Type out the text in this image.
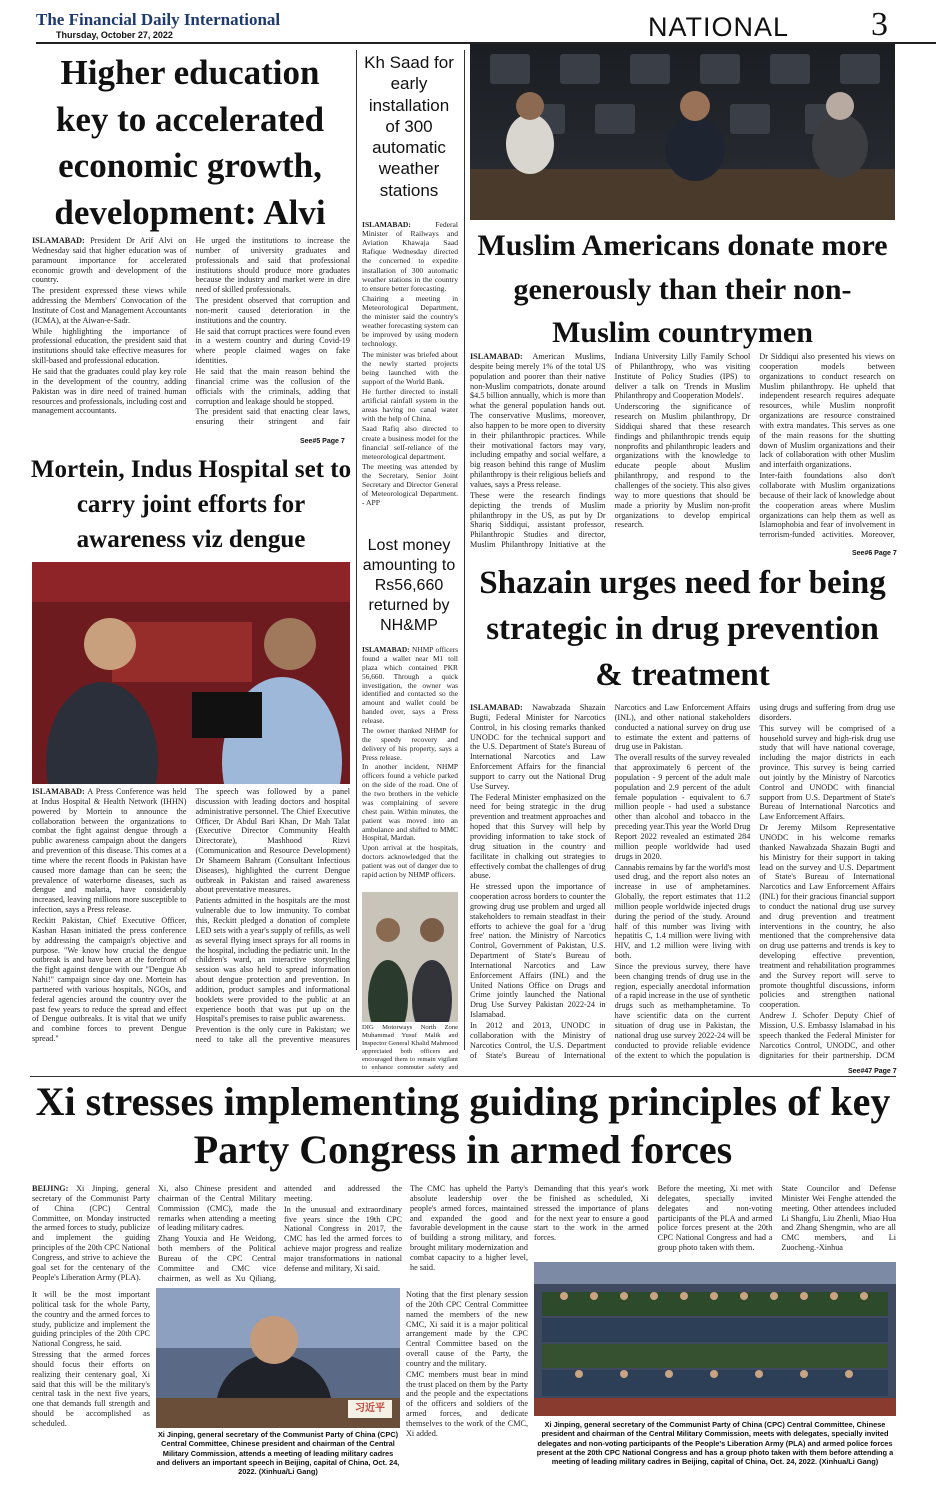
The Financial Daily International
Thursday, October 27, 2022	NATIONAL 3
Higher education key to accelerated economic growth, development: Alvi

ISLAMABAD: President Dr Arif Alvi on Wednesday said that higher education was of paramount importance for accelerated economic growth and development of the country.

The president expressed these views while addressing the Members' Convocation of the Institute of Cost and Management Accountants (ICMA), at the Aiwan-e-Sadr.

While highlighting the importance of professional education, the president said that institutions should take effective measures for skill-based and professional education.

He said that the graduates could play key role in the development of the country, adding Pakistan was in dire need of trained human resources and professionals, including cost and management accountants.

He urged the institutions to increase the number of university graduates and professionals and said that professional institutions should produce more graduates because the industry and market were in dire need of skilled professionals.

The president observed that corruption and non-merit caused deterioration in the institutions and the country.

He said that corrupt practices were found even in a western country and during Covid-19 where people claimed wages on fake identities.

He said that the main reason behind the financial crime was the collusion of the officials with the criminals, adding that corruption and leakage should be stopped.

The president said that enacting clear laws, ensuring their stringent and fair

See#5 Page 7
Kh Saad for early installation of 300 automatic weather stations

ISLAMABAD: Federal Minister of Railways and Aviation Khawaja Saad Rafique Wednesday directed the concerned to expedite installation of 300 automatic weather stations in the country to ensure better forecasting.

Chairing a meeting in Meteorological Department, the minister said the country's weather forecasting system can be improved by using modern technology.

The minister was briefed about the newly started projects being launched with the support of the World Bank.

He further directed to install artificial rainfall system in the areas having no canal water with the help of China.

Saad Rafiq also directed to create a business model for the financial self-reliance of the meteorological department.

The meeting was attended by the Secretary, Senior Joint Secretary and Director General of Meteorological Department. - APP

Muslim Americans donate more generously than their non-Muslim countrymen

ISLAMABAD: American Muslims, despite being merely 1% of the total US population and poorer than their native non-Muslim compatriots, donate around $4.5 billion annually, which is more than what the general population hands out. The conservative Muslims, moreover, also happen to be more open to diversity in their philanthropic practices. While their motivational factors may vary, including empathy and social welfare, a big reason behind this range of Muslim philanthropy is their religious beliefs and values, says a Press release.

These were the research findings depicting the trends of Muslim philanthropy in the US, as put by Dr Shariq Siddiqui, assistant professor, Philanthropic Studies and director, Muslim Philanthropy Initiative at the Indiana University Lilly Family School of Philanthropy, who was visiting Institute of Policy Studies (IPS) to deliver a talk on 'Trends in Muslim Philanthropy and Cooperation Models'.

Underscoring the significance of research on Muslim philanthropy, Dr Siddiqui shared that these research findings and philanthropic trends equip nonprofits and philanthropic leaders and organizations with the knowledge to educate people about Muslim philanthropy, and respond to the challenges of the society. This also gives way to more questions that should be made a priority by Muslim non-profit organizations to develop empirical research.

Dr Siddiqui also presented his views on cooperation models between organizations to conduct research on Muslim philanthropy. He upheld that independent research requires adequate resources, while Muslim nonprofit organizations are resource constrained with extra mandates. This serves as one of the main reasons for the shutting down of Muslim organizations and their lack of collaboration with other Muslim and interfaith organizations.

Inter-faith foundations also don't collaborate with Muslim organizations because of their lack of knowledge about the cooperation areas where Muslim organizations can help them as well as Islamophobia and fear of involvement in terrorism-funded activities. Moreover,

See#6 Page 7
Mortein, Indus Hospital set to carry joint efforts for awareness viz dengue

ISLAMABAD: A Press Conference was held at Indus Hospital & Health Network (IHHN) powered by Mortein to announce the collaboration between the organizations to combat the fight against dengue through a public awareness campaign about the dangers and prevention of this disease. This comes at a time where the recent floods in Pakistan have caused more damage than can be seen; the prevalence of waterborne diseases, such as dengue and malaria, have considerably increased, leaving millions more susceptible to infection, says a Press release.

Reckitt Pakistan, Chief Executive Officer, Kashan Hasan initiated the press conference by addressing the campaign's objective and purpose. "We know how crucial the dengue outbreak is and have been at the forefront of the fight against dengue with our "Dengue Ab Nahi!" campaign since day one. Mortein has partnered with various hospitals, NGOs, and federal agencies around the country over the past few years to reduce the spread and effect of Dengue outbreaks. It is vital that we unify and combine forces to prevent Dengue spread."

The speech was followed by a panel discussion with leading doctors and hospital administrative personnel. The Chief Executive Officer, Dr Abdul Bari Khan, Dr Mah Talat (Executive Director Community Health Directorate), Mashhood Rizvi (Communication and Resource Development) Dr Shameem Bahram (Consultant Infectious Diseases), highlighted the current Dengue outbreak in Pakistan and raised awareness about preventative measures.

Patients admitted in the hospitals are the most vulnerable due to low immunity. To combat this, Reckitt pledged a donation of complete LED sets with a year's supply of refills, as well as several flying insect sprays for all rooms in the hospital, including the pediatric unit. In the children's ward, an interactive storytelling session was also held to spread information about dengue protection and prevention. In addition, product samples and informational booklets were provided to the public at an experience booth that was put up on the Hospital's premises to raise public awareness.

Prevention is the only cure in Pakistan; we need to take all the preventive measures

Lost money amounting to Rs56,660 returned by NH&MP

ISLAMABAD: NHMP officers found a wallet near M1 toll plaza which contained PKR 56,660. Through a quick investigation, the owner was identified and contacted so the amount and wallet could be handed over, says a Press release.

The owner thanked NHMP for the speedy recovery and delivery of his property, says a Press release.

In another incident, NHMP officers found a vehicle parked on the side of the road. One of the two brothers in the vehicle was complaining of severe chest pain. Within minutes, the patient was moved into an ambulance and shifted to MMC Hospital, Mardan.

Upon arrival at the hospitals, doctors acknowledged that the patient was out of danger due to rapid action by NHMP officers.

DIG Motorways North Zone Muhammad Yusuf Malik and Inspector General Khalid Mahmood appreciated both officers and encouraged them to remain vigilant to enhance commuter safety and
Shazain urges need for being strategic in drug prevention & treatment

ISLAMABAD: Nawabzada Shazain Bugti, Federal Minister for Narcotics Control, in his closing remarks thanked UNODC for the technical support and the U.S. Department of State's Bureau of International Narcotics and Law Enforcement Affairs for the financial support to carry out the National Drug Use Survey.

The Federal Minister emphasized on the need for being strategic in the drug prevention and treatment approaches and hoped that this Survey will help by providing information to take stock of drug situation in the country and facilitate in chalking out strategies to effectively combat the challenges of drug abuse.

He stressed upon the importance of cooperation across borders to counter the growing drug use problem and urged all stakeholders to remain steadfast in their efforts to achieve the goal for a 'drug free' nation. the Ministry of Narcotics Control, Government of Pakistan, U.S. Department of State's Bureau of International Narcotics and Law Enforcement Affairs (INL) and the United Nations Office on Drugs and Crime jointly launched the National Drug Use Survey Pakistan 2022-24 in Islamabad.

In 2012 and 2013, UNODC in collaboration with the Ministry of Narcotics Control, the U.S. Department of State's Bureau of International Narcotics and Law Enforcement Affairs (INL), and other national stakeholders conducted a national survey on drug use to estimate the extent and patterns of drug use in Pakistan.

The overall results of the survey revealed that approximately 6 percent of the population - 9 percent of the adult male population and 2.9 percent of the adult female population - equivalent to 6.7 million people - had used a substance other than alcohol and tobacco in the preceding year.This year the World Drug Report 2022 revealed an estimated 284 million people worldwide had used drugs in 2020.

Cannabis remains by far the world's most used drug, and the report also notes an increase in use of amphetamines. Globally, the report estimates that 11.2 million people worldwide injected drugs during the period of the study. Around half of this number was living with hepatitis C, 1.4 million were living with HIV, and 1.2 million were living with both.

Since the previous survey, there have been changing trends of drug use in the region, especially anecdotal information of a rapid increase in the use of synthetic drugs such as methamphetamine. To have scientific data on the current situation of drug use in Pakistan, the national drug use survey 2022-24 will be conducted to provide reliable evidence of the extent to which the population is using drugs and suffering from drug use disorders.

This survey will be comprised of a household survey and high-risk drug use study that will have national coverage, including the major districts in each province. This survey is being carried out jointly by the Ministry of Narcotics Control and UNODC with financial support from U.S. Department of State's Bureau of International Narcotics and Law Enforcement Affairs.

Dr Jeremy Milsom Representative UNODC in his welcome remarks thanked Nawabzada Shazain Bugti and his Ministry for their support in taking lead on the survey and U.S. Department of State's Bureau of International Narcotics and Law Enforcement Affairs (INL) for their gracious financial support to conduct the national drug use survey and drug prevention and treatment interventions in the country, he also mentioned that the comprehensive data on drug use patterns and trends is key to developing effective prevention, treatment and rehabilitation programmes and the Survey report will serve to promote thoughtful discussions, inform policies and strengthen national cooperation.

Andrew J. Schofer Deputy Chief of Mission, U.S. Embassy Islamabad in his speech thanked the Federal Minister for Narcotics Control, UNODC, and other dignitaries for their partnership. DCM

See#47 Page 7
Xi stresses implementing guiding principles of key Party Congress in armed forces

BEIJING: Xi Jinping, general secretary of the Communist Party of China (CPC) Central Committee, on Monday instructed the armed forces to study, publicize and implement the guiding principles of the 20th CPC National Congress, and strive to achieve the goal set for the centenary of the People's Liberation Army (PLA).

Xi, also Chinese president and chairman of the Central Military Commission (CMC), made the remarks when attending a meeting of leading military cadres.

Zhang Youxia and He Weidong, both members of the Political Bureau of the CPC Central Committee and CMC vice chairmen, as well as Xu Qiliang, attended and addressed the meeting.

In the unusual and extraordinary five years since the 19th CPC National Congress in 2017, the CMC has led the armed forces to achieve major progress and realize major transformations in national defense and military, Xi said.

The CMC has upheld the Party's absolute leadership over the people's armed forces, maintained and expanded the good and favorable development in the cause of building a strong military, and brought military modernization and combat capacity to a higher level, he said.

It will be the most important political task for the whole Party, the country and the armed forces to study, publicize and implement the guiding principles of the 20th CPC National Congress, he said.

Stressing that the armed forces should focus their efforts on realizing their centenary goal, Xi said that this will be the military's central task in the next five years, one that demands full strength and should be accomplished as scheduled.

Noting that the first plenary session of the 20th CPC Central Committee named the members of the new CMC, Xi said it is a major political arrangement made by the CPC Central Committee based on the overall cause of the Party, the country and the military.

CMC members must bear in mind the trust placed on them by the Party and the people and the expectations of the officers and soldiers of the armed forces, and dedicate themselves to the work of the CMC, Xi added.

Demanding that this year's work be finished as scheduled, Xi stressed the importance of plans for the next year to ensure a good start to the work in the armed forces.

Before the meeting, Xi met with delegates, specially invited delegates and non-voting participants of the PLA and armed police forces present at the 20th CPC National Congress and had a group photo taken with them.

State Councilor and Defense Minister Wei Fenghe attended the meeting. Other attendees included Li Shangfu, Liu Zhenli, Miao Hua and Zhang Shengmin, who are all CMC members, and Li Zuocheng.-Xinhua

习近平
Xi Jinping, general secretary of the Communist Party of China (CPC) Central Committee, Chinese president and chairman of the Central Military Commission, attends a meeting of leading military cadres and delivers an important speech in Beijing, capital of China, Oct. 24, 2022. (Xinhua/Li Gang)
Xi Jinping, general secretary of the Communist Party of China (CPC) Central Committee, Chinese president and chairman of the Central Military Commission, meets with delegates, specially invited delegates and non-voting participants of the People's Liberation Army (PLA) and armed police forces present at the 20th CPC National Congress and has a group photo taken with them before attending a meeting of leading military cadres in Beijing, capital of China, Oct. 24, 2022. (Xinhua/Li Gang)
